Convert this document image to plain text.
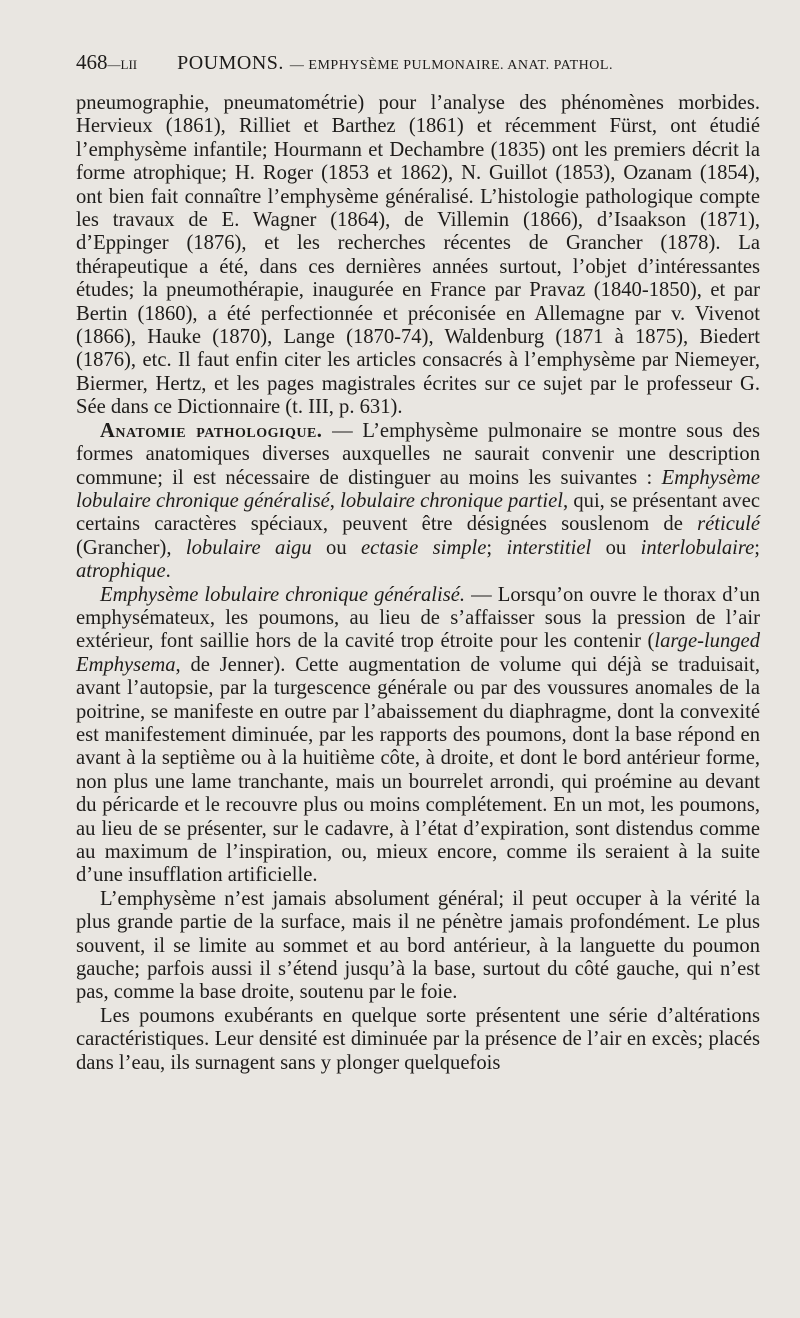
468 —LII POUMONS. — EMPHYSÈME PULMONAIRE. ANAT. PATHOL.

pneumographie, pneumatométrie) pour l’analyse des phénomènes morbides. Hervieux (1861), Rilliet et Barthez (1861) et récemment Fürst, ont étudié l’emphysème infantile; Hourmann et Dechambre (1835) ont les premiers décrit la forme atrophique; H. Roger (1853 et 1862), N. Guillot (1853), Ozanam (1854), ont bien fait connaître l’emphysème généralisé. L’histologie pathologique compte les travaux de E. Wagner (1864), de Villemin (1866), d’Isaakson (1871), d’Eppinger (1876), et les recherches récentes de Grancher (1878). La thérapeutique a été, dans ces dernières années surtout, l’objet d’intéressantes études; la pneumothérapie, inaugurée en France par Pravaz (1840-1850), et par Bertin (1860), a été perfectionnée et préconisée en Allemagne par v. Vivenot (1866), Hauke (1870), Lange (1870-74), Waldenburg (1871 à 1875), Biedert (1876), etc. Il faut enfin citer les articles consacrés à l’emphysème par Niemeyer, Biermer, Hertz, et les pages magistrales écrites sur ce sujet par le professeur G. Sée dans ce Dictionnaire (t. III, p. 631).

Anatomie pathologique. — L’emphysème pulmonaire se montre sous des formes anatomiques diverses auxquelles ne saurait convenir une description commune; il est nécessaire de distinguer au moins les suivantes : Emphysème lobulaire chronique généralisé, lobulaire chronique partiel, qui, se présentant avec certains caractères spéciaux, peuvent être désignées souslenom de réticulé (Grancher), lobulaire aigu ou ectasie simple; interstitiel ou interlobulaire; atrophique.

Emphysème lobulaire chronique généralisé. — Lorsqu’on ouvre le thorax d’un emphysémateux, les poumons, au lieu de s’affaisser sous la pression de l’air extérieur, font saillie hors de la cavité trop étroite pour les contenir (large-lunged Emphysema, de Jenner). Cette augmentation de volume qui déjà se traduisait, avant l’autopsie, par la turgescence générale ou par des voussures anomales de la poitrine, se manifeste en outre par l’abaissement du diaphragme, dont la convexité est manifestement diminuée, par les rapports des poumons, dont la base répond en avant à la septième ou à la huitième côte, à droite, et dont le bord antérieur forme, non plus une lame tranchante, mais un bourrelet arrondi, qui proémine au devant du péricarde et le recouvre plus ou moins complétement. En un mot, les poumons, au lieu de se présenter, sur le cadavre, à l’état d’expiration, sont distendus comme au maximum de l’inspiration, ou, mieux encore, comme ils seraient à la suite d’une insufflation artificielle.

L’emphysème n’est jamais absolument général; il peut occuper à la vérité la plus grande partie de la surface, mais il ne pénètre jamais profondément. Le plus souvent, il se limite au sommet et au bord antérieur, à la languette du poumon gauche; parfois aussi il s’étend jusqu’à la base, surtout du côté gauche, qui n’est pas, comme la base droite, soutenu par le foie.

Les poumons exubérants en quelque sorte présentent une série d’altérations caractéristiques. Leur densité est diminuée par la présence de l’air en excès; placés dans l’eau, ils surnagent sans y plonger quelquefois
